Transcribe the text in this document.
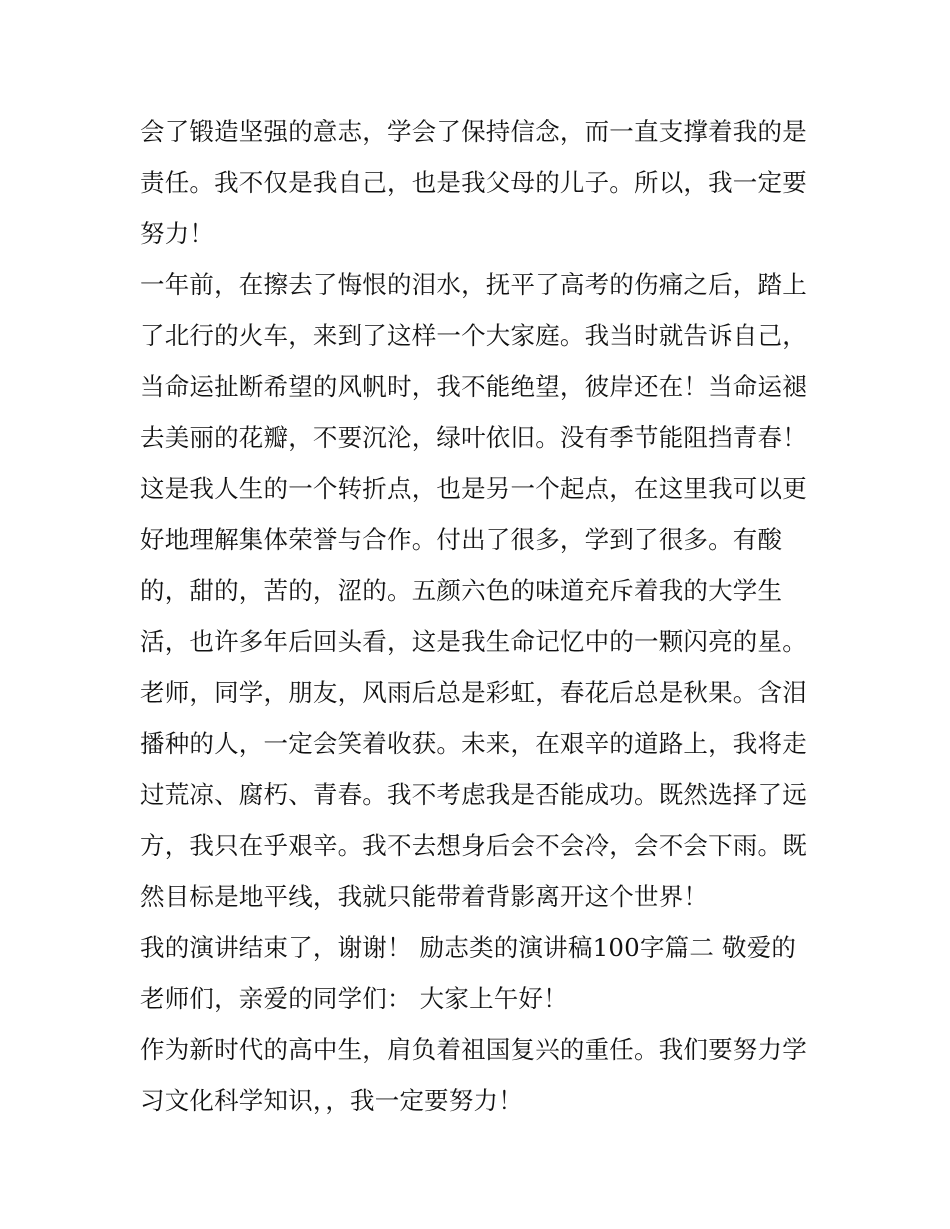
会了锻造坚强的意志，学会了保持信念，而一直支撑着我的是
责任。我不仅是我自己，也是我父母的儿子。所以，我一定要
努力！
一年前，在擦去了悔恨的泪水，抚平了高考的伤痛之后，踏上
了北行的火车，来到了这样一个大家庭。我当时就告诉自己，
当命运扯断希望的风帆时，我不能绝望，彼岸还在！当命运褪
去美丽的花瓣，不要沉沦，绿叶依旧。没有季节能阻挡青春！
这是我人生的一个转折点，也是另一个起点，在这里我可以更
好地理解集体荣誉与合作。付出了很多，学到了很多。有酸
的，甜的，苦的，涩的。五颜六色的味道充斥着我的大学生
活，也许多年后回头看，这是我生命记忆中的一颗闪亮的星。
老师，同学，朋友，风雨后总是彩虹，春花后总是秋果。含泪
播种的人，一定会笑着收获。未来，在艰辛的道路上，我将走
过荒凉、腐朽、青春。我不考虑我是否能成功。既然选择了远
方，我只在乎艰辛。我不去想身后会不会冷，会不会下雨。既
然目标是地平线，我就只能带着背影离开这个世界！
我的演讲结束了，谢谢！ 励志类的演讲稿100字篇二 敬爱的
老师们，亲爱的同学们： 大家上午好！
作为新时代的高中生，肩负着祖国复兴的重任。我们要努力学
习文化科学知识，，我一定要努力！
